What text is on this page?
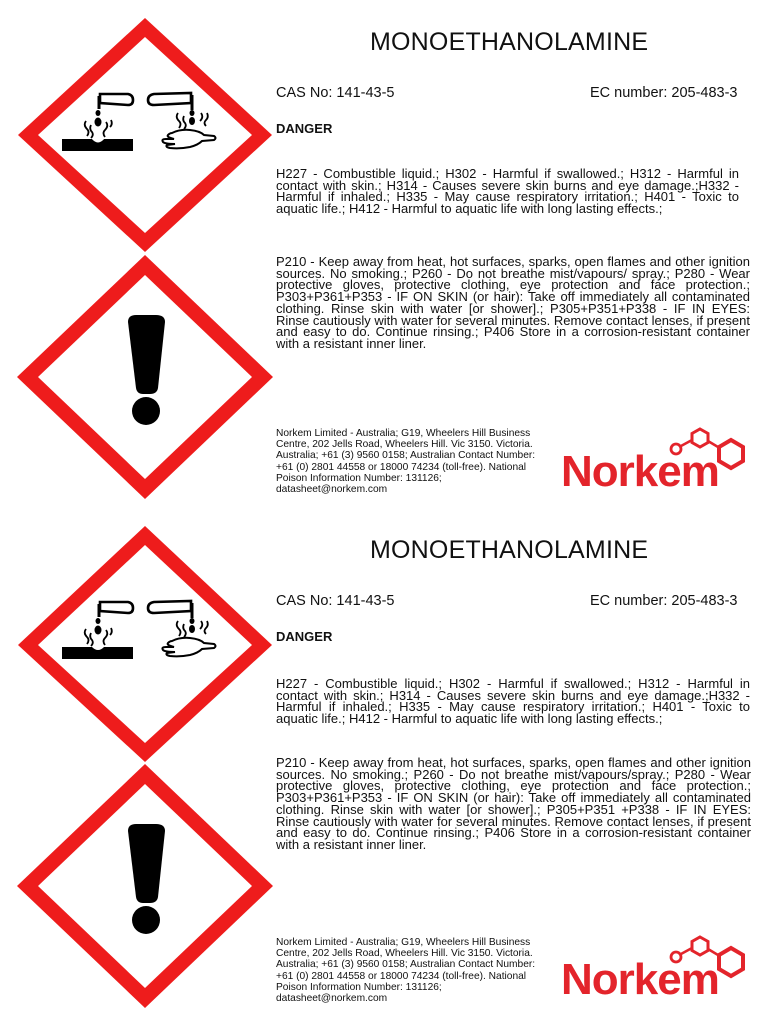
MONOETHANOLAMINE
CAS No: 141-43-5	EC number: 205-483-3
DANGER
H227 - Combustible liquid.; H302 - Harmful if swallowed.; H312 - Harmful in contact with skin.; H314 - Causes severe skin burns and eye damage.;H332 - Harmful if inhaled.; H335 - May cause respiratory irritation.; H401 - Toxic to aquatic life.; H412 - Harmful to aquatic life with long lasting effects.;
P210 - Keep away from heat, hot surfaces, sparks, open flames and other ignition sources. No smoking.; P260 - Do not breathe mist/vapours/ spray.; P280 - Wear protective gloves, protective clothing, eye protection and face protection.; P303+P361+P353 - IF ON SKIN (or hair): Take off immediately all contaminated clothing. Rinse skin with water [or shower].; P305+P351+P338 - IF IN EYES: Rinse cautiously with water for several minutes. Remove contact lenses, if present and easy to do. Continue rinsing.; P406 Store in a corrosion-resistant container with a resistant inner liner.
Norkem Limited - Australia; G19, Wheelers Hill Business Centre, 202 Jells Road, Wheelers Hill. Vic 3150. Victoria. Australia; +61 (3) 9560 0158; Australian Contact Number: +61 (0) 2801 44558 or 18000 74234 (toll-free). National Poison Information Number: 131126; datasheet@norkem.com	Norkem
MONOETHANOLAMINE
CAS No: 141-43-5	EC number: 205-483-3
DANGER
H227 - Combustible liquid.; H302 - Harmful if swallowed.; H312 - Harmful in contact with skin.; H314 - Causes severe skin burns and eye damage.;H332 - Harmful if inhaled.; H335 - May cause respiratory irritation.; H401 - Toxic to aquatic life.; H412 - Harmful to aquatic life with long lasting effects.;
P210 - Keep away from heat, hot surfaces, sparks, open flames and other ignition sources. No smoking.; P260 - Do not breathe mist/vapours/spray.; P280 - Wear protective gloves, protective clothing, eye protection and face protection.; P303+P361+P353 - IF ON SKIN (or hair): Take off immediately all contaminated clothing. Rinse skin with water [or shower].; P305+P351 +P338 - IF IN EYES: Rinse cautiously with water for several minutes. Remove contact lenses, if present and easy to do. Continue rinsing.; P406 Store in a corrosion-resistant container with a resistant inner liner.
Norkem Limited - Australia; G19, Wheelers Hill Business Centre, 202 Jells Road, Wheelers Hill. Vic 3150. Victoria. Australia; +61 (3) 9560 0158; Australian Contact Number: +61 (0) 2801 44558 or 18000 74234 (toll-free). National Poison Information Number: 131126; datasheet@norkem.com	Norkem
